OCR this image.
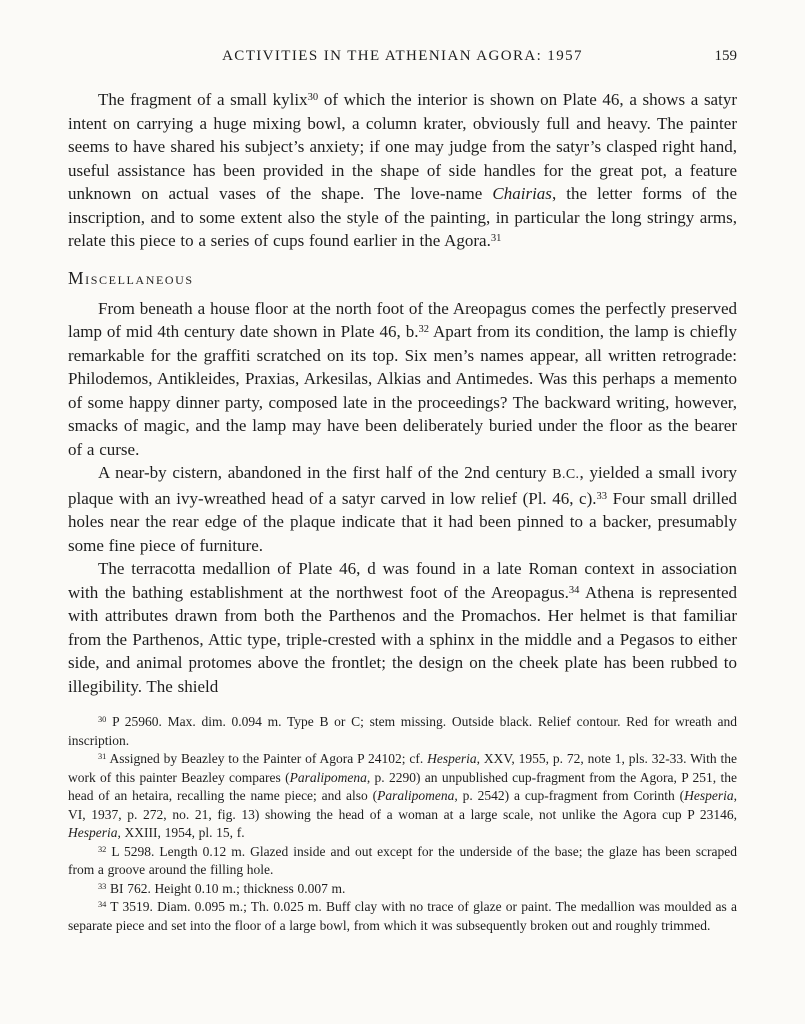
ACTIVITIES IN THE ATHENIAN AGORA: 1957	159

The fragment of a small kylix$^{30}$ of which the interior is shown on Plate 46, a shows a satyr intent on carrying a huge mixing bowl, a column krater, obviously full and heavy. The painter seems to have shared his subject’s anxiety; if one may judge from the satyr’s clasped right hand, useful assistance has been provided in the shape of side handles for the great pot, a feature unknown on actual vases of the shape. The love-name Chairias, the letter forms of the inscription, and to some extent also the style of the painting, in particular the long stringy arms, relate this piece to a series of cups found earlier in the Agora.$^{31}$

Miscellaneous

From beneath a house floor at the north foot of the Areopagus comes the perfectly preserved lamp of mid 4th century date shown in Plate 46, b.$^{32}$ Apart from its condition, the lamp is chiefly remarkable for the graffiti scratched on its top. Six men’s names appear, all written retrograde: Philodemos, Antikleides, Praxias, Arkesilas, Alkias and Antimedes. Was this perhaps a memento of some happy dinner party, composed late in the proceedings? The backward writing, however, smacks of magic, and the lamp may have been deliberately buried under the floor as the bearer of a curse.

A near-by cistern, abandoned in the first half of the 2nd century B.C., yielded a small ivory plaque with an ivy-wreathed head of a satyr carved in low relief (Pl. 46, c).$^{33}$ Four small drilled holes near the rear edge of the plaque indicate that it had been pinned to a backer, presumably some fine piece of furniture.

The terracotta medallion of Plate 46, d was found in a late Roman context in association with the bathing establishment at the northwest foot of the Areopagus.$^{34}$ Athena is represented with attributes drawn from both the Parthenos and the Promachos. Her helmet is that familiar from the Parthenos, Attic type, triple-crested with a sphinx in the middle and a Pegasos to either side, and animal protomes above the frontlet; the design on the cheek plate has been rubbed to illegibility. The shield

$^{30}$ P 25960. Max. dim. 0.094 m. Type B or C; stem missing. Outside black. Relief contour. Red for wreath and inscription.

$^{31}$ Assigned by Beazley to the Painter of Agora P 24102; cf. Hesperia, XXV, 1955, p. 72, note 1, pls. 32-33. With the work of this painter Beazley compares (Paralipomena, p. 2290) an unpublished cup-fragment from the Agora, P 251, the head of an hetaira, recalling the name piece; and also (Paralipomena, p. 2542) a cup-fragment from Corinth (Hesperia, VI, 1937, p. 272, no. 21, fig. 13) showing the head of a woman at a large scale, not unlike the Agora cup P 23146, Hesperia, XXIII, 1954, pl. 15, f.

$^{32}$ L 5298. Length 0.12 m. Glazed inside and out except for the underside of the base; the glaze has been scraped from a groove around the filling hole.

$^{33}$ BI 762. Height 0.10 m.; thickness 0.007 m.

$^{34}$ T 3519. Diam. 0.095 m.; Th. 0.025 m. Buff clay with no trace of glaze or paint. The medallion was moulded as a separate piece and set into the floor of a large bowl, from which it was subsequently broken out and roughly trimmed.
